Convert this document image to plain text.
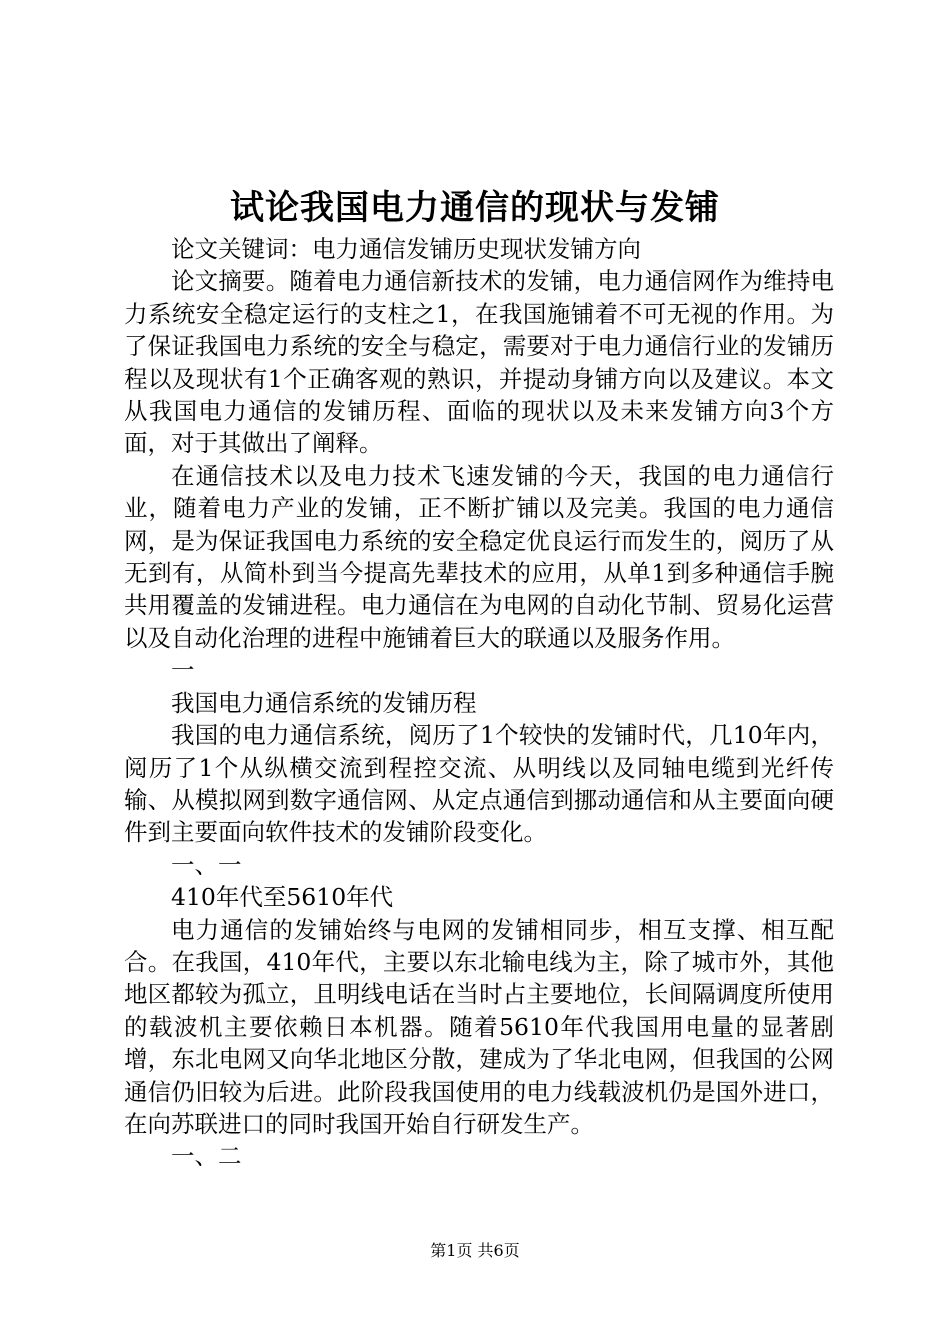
试论我国电力通信的现状与发铺

论文关键词：电力通信发铺历史现状发铺方向

论文摘要。随着电力通信新技术的发铺，电力通信网作为维持电力系统安全稳定运行的支柱之1，在我国施铺着不可无视的作用。为了保证我国电力系统的安全与稳定，需要对于电力通信行业的发铺历程以及现状有1个正确客观的熟识，并提动身铺方向以及建议。本文从我国电力通信的发铺历程、面临的现状以及未来发铺方向3个方面，对于其做出了阐释。

在通信技术以及电力技术飞速发铺的今天，我国的电力通信行业，随着电力产业的发铺，正不断扩铺以及完美。我国的电力通信网，是为保证我国电力系统的安全稳定优良运行而发生的，阅历了从无到有，从简朴到当今提高先辈技术的应用，从单1到多种通信手腕共用覆盖的发铺进程。电力通信在为电网的自动化节制、贸易化运营以及自动化治理的进程中施铺着巨大的联通以及服务作用。

一

我国电力通信系统的发铺历程

我国的电力通信系统，阅历了1个较快的发铺时代，几10年内，阅历了1个从纵横交流到程控交流、从明线以及同轴电缆到光纤传输、从模拟网到数字通信网、从定点通信到挪动通信和从主要面向硬件到主要面向软件技术的发铺阶段变化。

一、一

410年代至5610年代

电力通信的发铺始终与电网的发铺相同步，相互支撑、相互配合。在我国，410年代，主要以东北输电线为主，除了城市外，其他地区都较为孤立，且明线电话在当时占主要地位，长间隔调度所使用的载波机主要依赖日本机器。随着5610年代我国用电量的显著剧增，东北电网又向华北地区分散，建成为了华北电网，但我国的公网通信仍旧较为后进。此阶段我国使用的电力线载波机仍是国外进口，在向苏联进口的同时我国开始自行研发生产。

一、二

第1页 共6页
